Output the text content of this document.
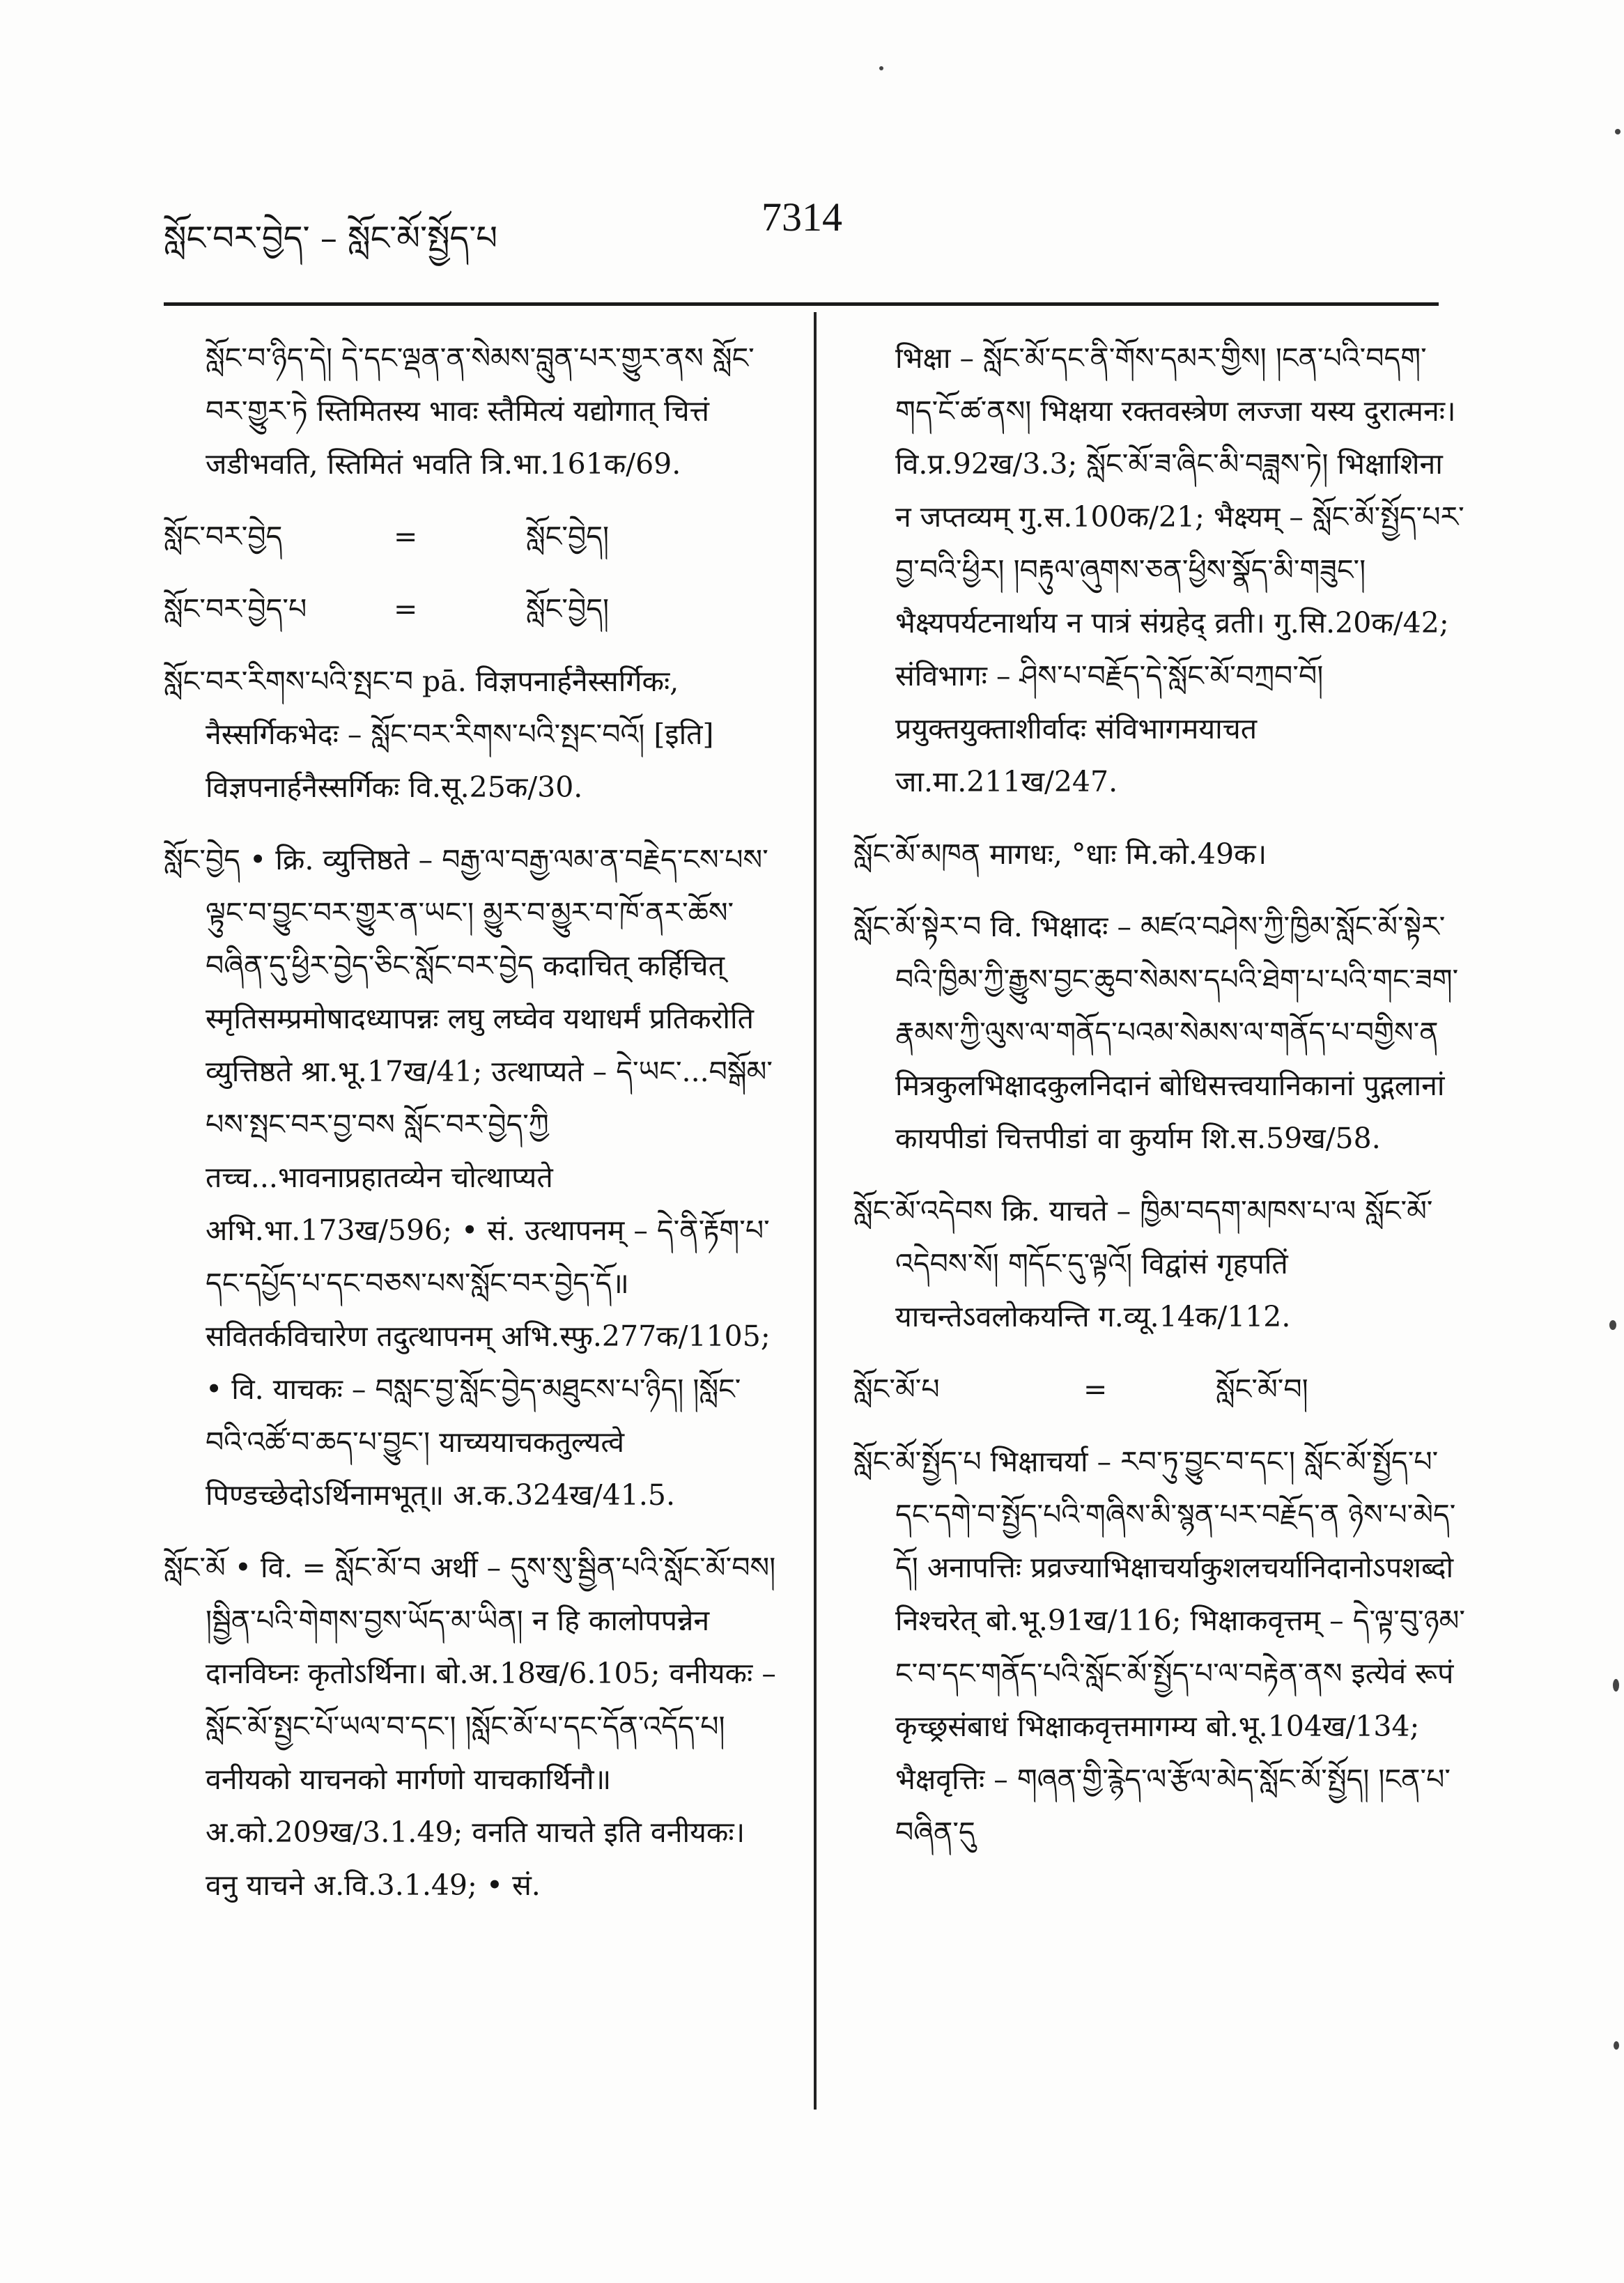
སློང་བར་བྱེད་ – སློང་མོ་སྤྱོད་པ	7314

སློང་བ་ཉིད་དེ། དེ་དང་ལྡན་ན་སེམས་བླུན་པར་གྱུར་ནས སློང་བར་གྱུར་ཏེ स्तिमितस्य भावः स्तैमित्यं यद्योगात् चित्तं जडीभवति, स्तिमितं भवति त्रि.भा.161क/69.

སློང་བར་བྱེད	=	སློང་བྱེད།

སློང་བར་བྱེད་པ	=	སློང་བྱེད།

སློང་བར་རིགས་པའི་སྤང་བ pā. विज्ञपनार्हनैस्सर्गिकः, नैस्सर्गिकभेदः – སློང་བར་རིགས་པའི་སྤང་བའོ། [इति] विज्ञपनार्हनैस्सर्गिकः वि.सू.25क/30.

སློང་བྱེད • क्रि. व्युत्तिष्ठते – བརྒྱ་ལ་བརྒྱ་ལམ་ན་བརྗེད་ངས་པས་ལྟུང་བ་བྱུང་བར་གྱུར་ན་ཡང་། མྱུར་བ་མྱུར་བ་ཁོ་ནར་ཆོས་བཞིན་དུ་ཕྱིར་བྱེད་ཅིང་སློང་བར་བྱེད कदाचित् कर्हिचित् स्मृतिसम्प्रमोषादध्यापन्नः लघु लघ्वेव यथाधर्मं प्रतिकरोति व्युत्तिष्ठते श्रा.भू.17ख/41; उत्थाप्यते – དེ་ཡང་...བསྒོམ་པས་སྤང་བར་བྱ་བས སློང་བར་བྱེད་ཀྱི तच्च...भावनाप्रहातव्येन चोत्थाप्यते अभि.भा.173ख/596; • सं. उत्थापनम् – དེ་ནི་རྟོག་པ་དང་དཔྱོད་པ་དང་བཅས་པས་སློང་བར་བྱེད་དོ॥ सवितर्कविचारेण तदुत्थापनम् अभि.स्फु.277क/1105; • वि. याचकः – བསླང་བྱ་སློང་བྱེད་མཐུངས་པ་ཉིད། །སློང་བའི་འཚོ་བ་ཆད་པ་བྱུང་། याच्ययाचकतुल्यत्वे पिण्डच्छेदोऽर्थिनामभूत्॥ अ.क.324ख/41.5.

སློང་མོ • वि. = སློང་མོ་བ अर्थी – དུས་སུ་སྦྱིན་པའི་སློང་མོ་བས། །སྦྱིན་པའི་གེགས་བྱས་ཡོད་མ་ཡིན། न हि कालोपपन्नेन दानविघ्नः कृतोऽर्थिना। बो.अ.18ख/6.105; वनीयकः – སློང་མོ་སྤྱང་པོ་ཡལ་བ་དང་། །སློང་མོ་པ་དང་དོན་འདོད་པ། वनीयको याचनको मार्गणो याचकार्थिनौ॥ अ.को.209ख/3.1.49; वनति याचते इति वनीयकः। वनु याचने अ.वि.3.1.49; • सं.

भिक्षा – སློང་མོ་དང་ནི་གོས་དམར་གྱིས། །ངན་པའི་བདག་གད་ངོ་ཚ་ནས། भिक्षया रक्तवस्त्रेण लज्जा यस्य दुरात्मनः। वि.प्र.92ख/3.3; སློང་མོ་ཟ་ཞིང་མི་བཟླས་ཏེ། भिक्षाशिना न जप्तव्यम् गु.स.100क/21; भैक्ष्यम् – སློང་མོ་སྤྱོད་པར་བྱ་བའི་ཕྱིར། །བརྟུལ་ཞུགས་ཅན་ཕྱིས་སྣོད་མི་གཟུང་། भैक्ष्यपर्यटनार्थाय न पात्रं संग्रहेद् व्रती। गु.सि.20क/42; संविभागः – ཤིས་པ་བརྗོད་དེ་སློང་མོ་བཀྲབ་བོ། प्रयुक्तयुक्ताशीर्वादः संविभागमयाचत जा.मा.211ख/247.

སློང་མོ་མཁན मागधः, °धाः मि.को.49क।

སློང་མོ་སྟེར་བ वि. भिक्षादः – མཛའ་བཤེས་ཀྱི་ཁྱིམ་སློང་མོ་སྟེར་བའི་ཁྱིམ་ཀྱི་རྒྱུས་བྱང་ཆུབ་སེམས་དཔའི་ཐེག་པ་པའི་གང་ཟག་རྣམས་ཀྱི་ལུས་ལ་གནོད་པའམ་སེམས་ལ་གནོད་པ་བགྱིས་ན मित्रकुलभिक्षादकुलनिदानं बोधिसत्त्वयानिकानां पुद्गलानां कायपीडां चित्तपीडां वा कुर्याम शि.स.59ख/58.

སློང་མོ་འདེབས क्रि. याचते – ཁྱིམ་བདག་མཁས་པ་ལ སློང་མོ་འདེབས་སོ། གདོང་དུ་ལྟའོ། विद्वांसं गृहपतिं याचन्तेऽवलोकयन्ति ग.व्यू.14क/112.

སློང་མོ་པ	=	སློང་མོ་བ།

སློང་མོ་སྤྱོད་པ भिक्षाचर्या – རབ་ཏུ་བྱུང་བ་དང་། སློང་མོ་སྤྱོད་པ་དང་དགེ་བ་སྤྱོད་པའི་གཞིས་མི་སྙན་པར་བརྗོད་ན ཉེས་པ་མེད་དོ། अनापत्तिः प्रव्रज्याभिक्षाचर्याकुशलचर्यानिदानोऽपशब्दो निश्चरेत् बो.भू.91ख/116; भिक्षाकवृत्तम् – དེ་ལྟ་བུ་ཉམ་ང་བ་དང་གནོད་པའི་སློང་མོ་སྤྱོད་པ་ལ་བརྟེན་ནས इत्येवं रूपं कृच्छ्रसंबाधं भिक्षाकवृत्तमागम्य बो.भू.104ख/134; भैक्षवृत्तिः – གཞན་གྱི་རྙེད་ལ་རྩོལ་མེད་སློང་མོ་སྤྱོད། །ངན་པ་བཞིན་དུ
